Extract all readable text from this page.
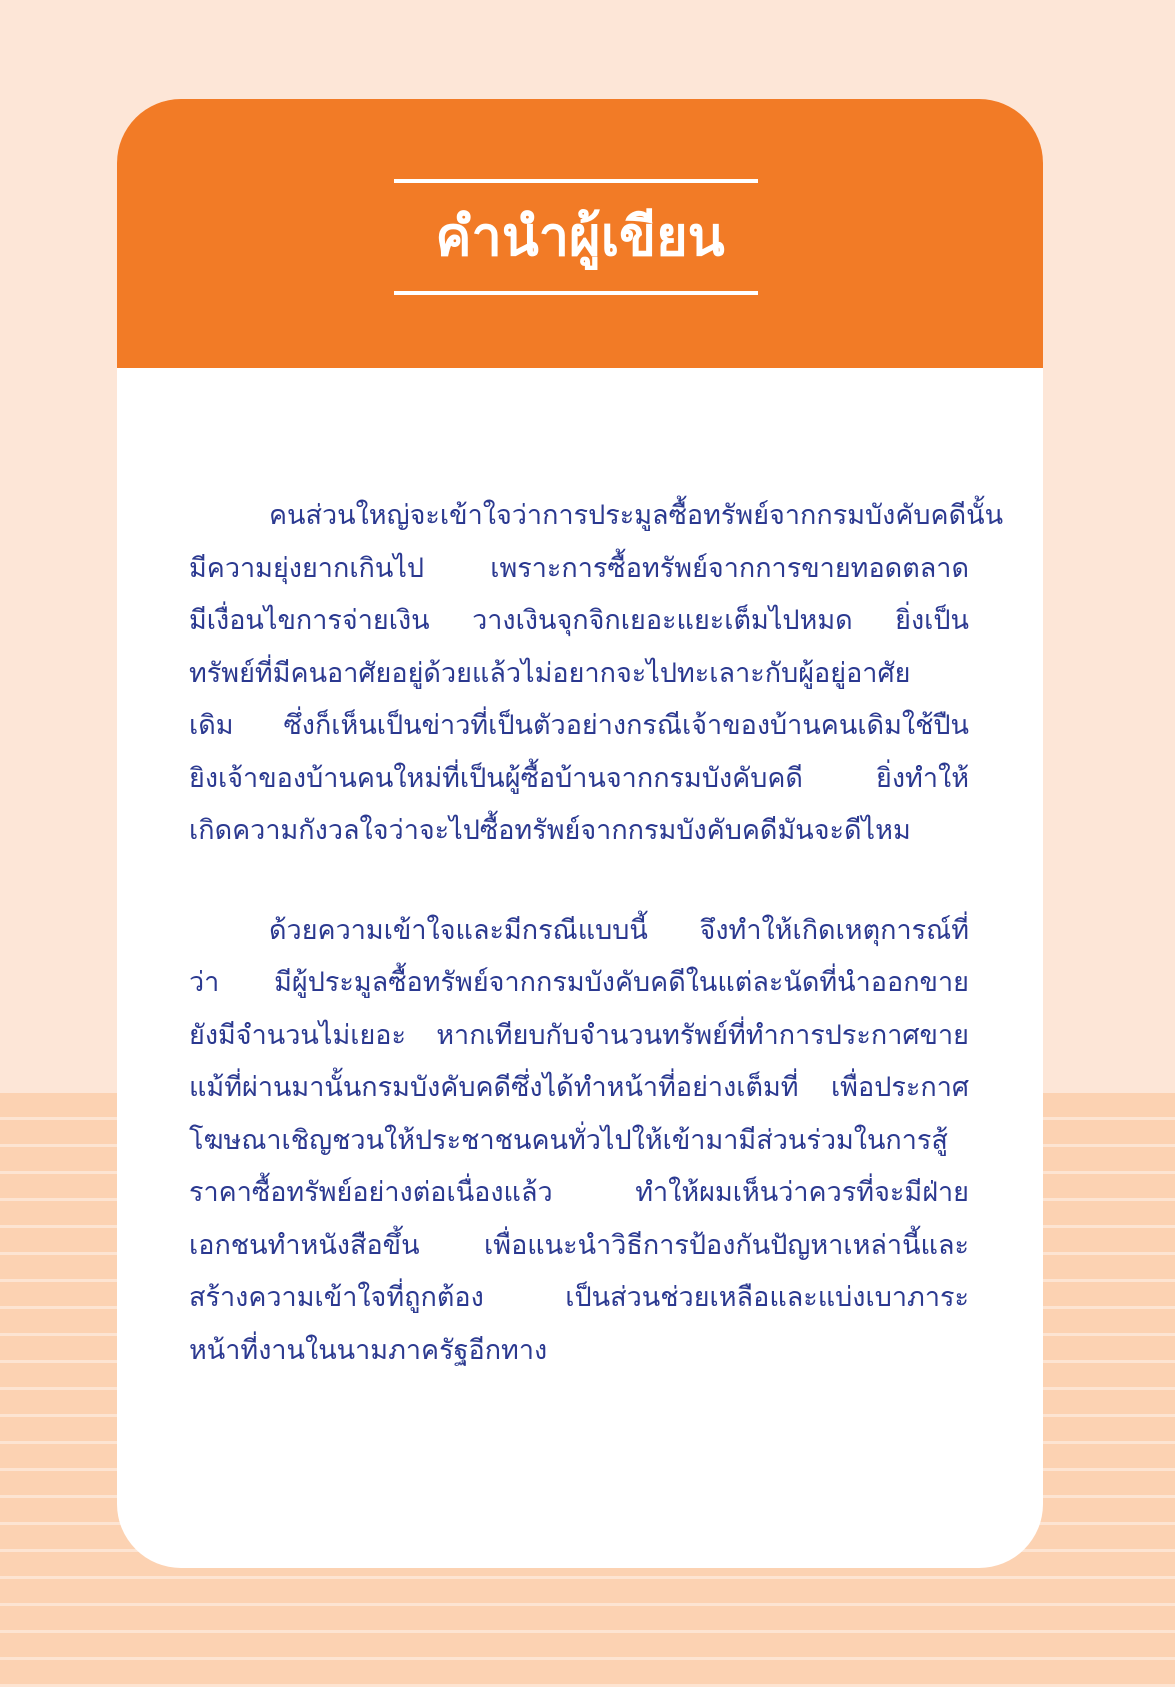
คำนำผู้เขียน

คนส่วนใหญ่จะเข้าใจว่าการประมูลซื้อทรัพย์จากกรมบังคับคดีนั้น
มีความยุ่งยากเกินไป เพราะการซื้อทรัพย์จากการขายทอดตลาด
มีเงื่อนไขการจ่ายเงิน วางเงินจุกจิกเยอะแยะเต็มไปหมด ยิ่งเป็น
ทรัพย์ที่มีคนอาศัยอยู่ด้วยแล้วไม่อยากจะไปทะเลาะกับผู้อยู่อาศัย
เดิม ซึ่งก็เห็นเป็นข่าวที่เป็นตัวอย่างกรณีเจ้าของบ้านคนเดิมใช้ปืน
ยิงเจ้าของบ้านคนใหม่ที่เป็นผู้ซื้อบ้านจากกรมบังคับคดี ยิ่งทำให้
เกิดความกังวลใจว่าจะไปซื้อทรัพย์จากกรมบังคับคดีมันจะดีไหม

ด้วยความเข้าใจและมีกรณีแบบนี้ จึงทำให้เกิดเหตุการณ์ที่
ว่า มีผู้ประมูลซื้อทรัพย์จากกรมบังคับคดีในแต่ละนัดที่นำออกขาย
ยังมีจำนวนไม่เยอะ หากเทียบกับจำนวนทรัพย์ที่ทำการประกาศขาย
แม้ที่ผ่านมานั้นกรมบังคับคดีซึ่งได้ทำหน้าที่อย่างเต็มที่ เพื่อประกาศ
โฆษณาเชิญชวนให้ประชาชนคนทั่วไปให้เข้ามามีส่วนร่วมในการสู้
ราคาซื้อทรัพย์อย่างต่อเนื่องแล้ว ทำให้ผมเห็นว่าควรที่จะมีฝ่าย
เอกชนทำหนังสือขึ้น เพื่อแนะนำวิธีการป้องกันปัญหาเหล่านี้และ
สร้างความเข้าใจที่ถูกต้อง เป็นส่วนช่วยเหลือและแบ่งเบาภาระ
หน้าที่งานในนามภาครัฐอีกทาง
